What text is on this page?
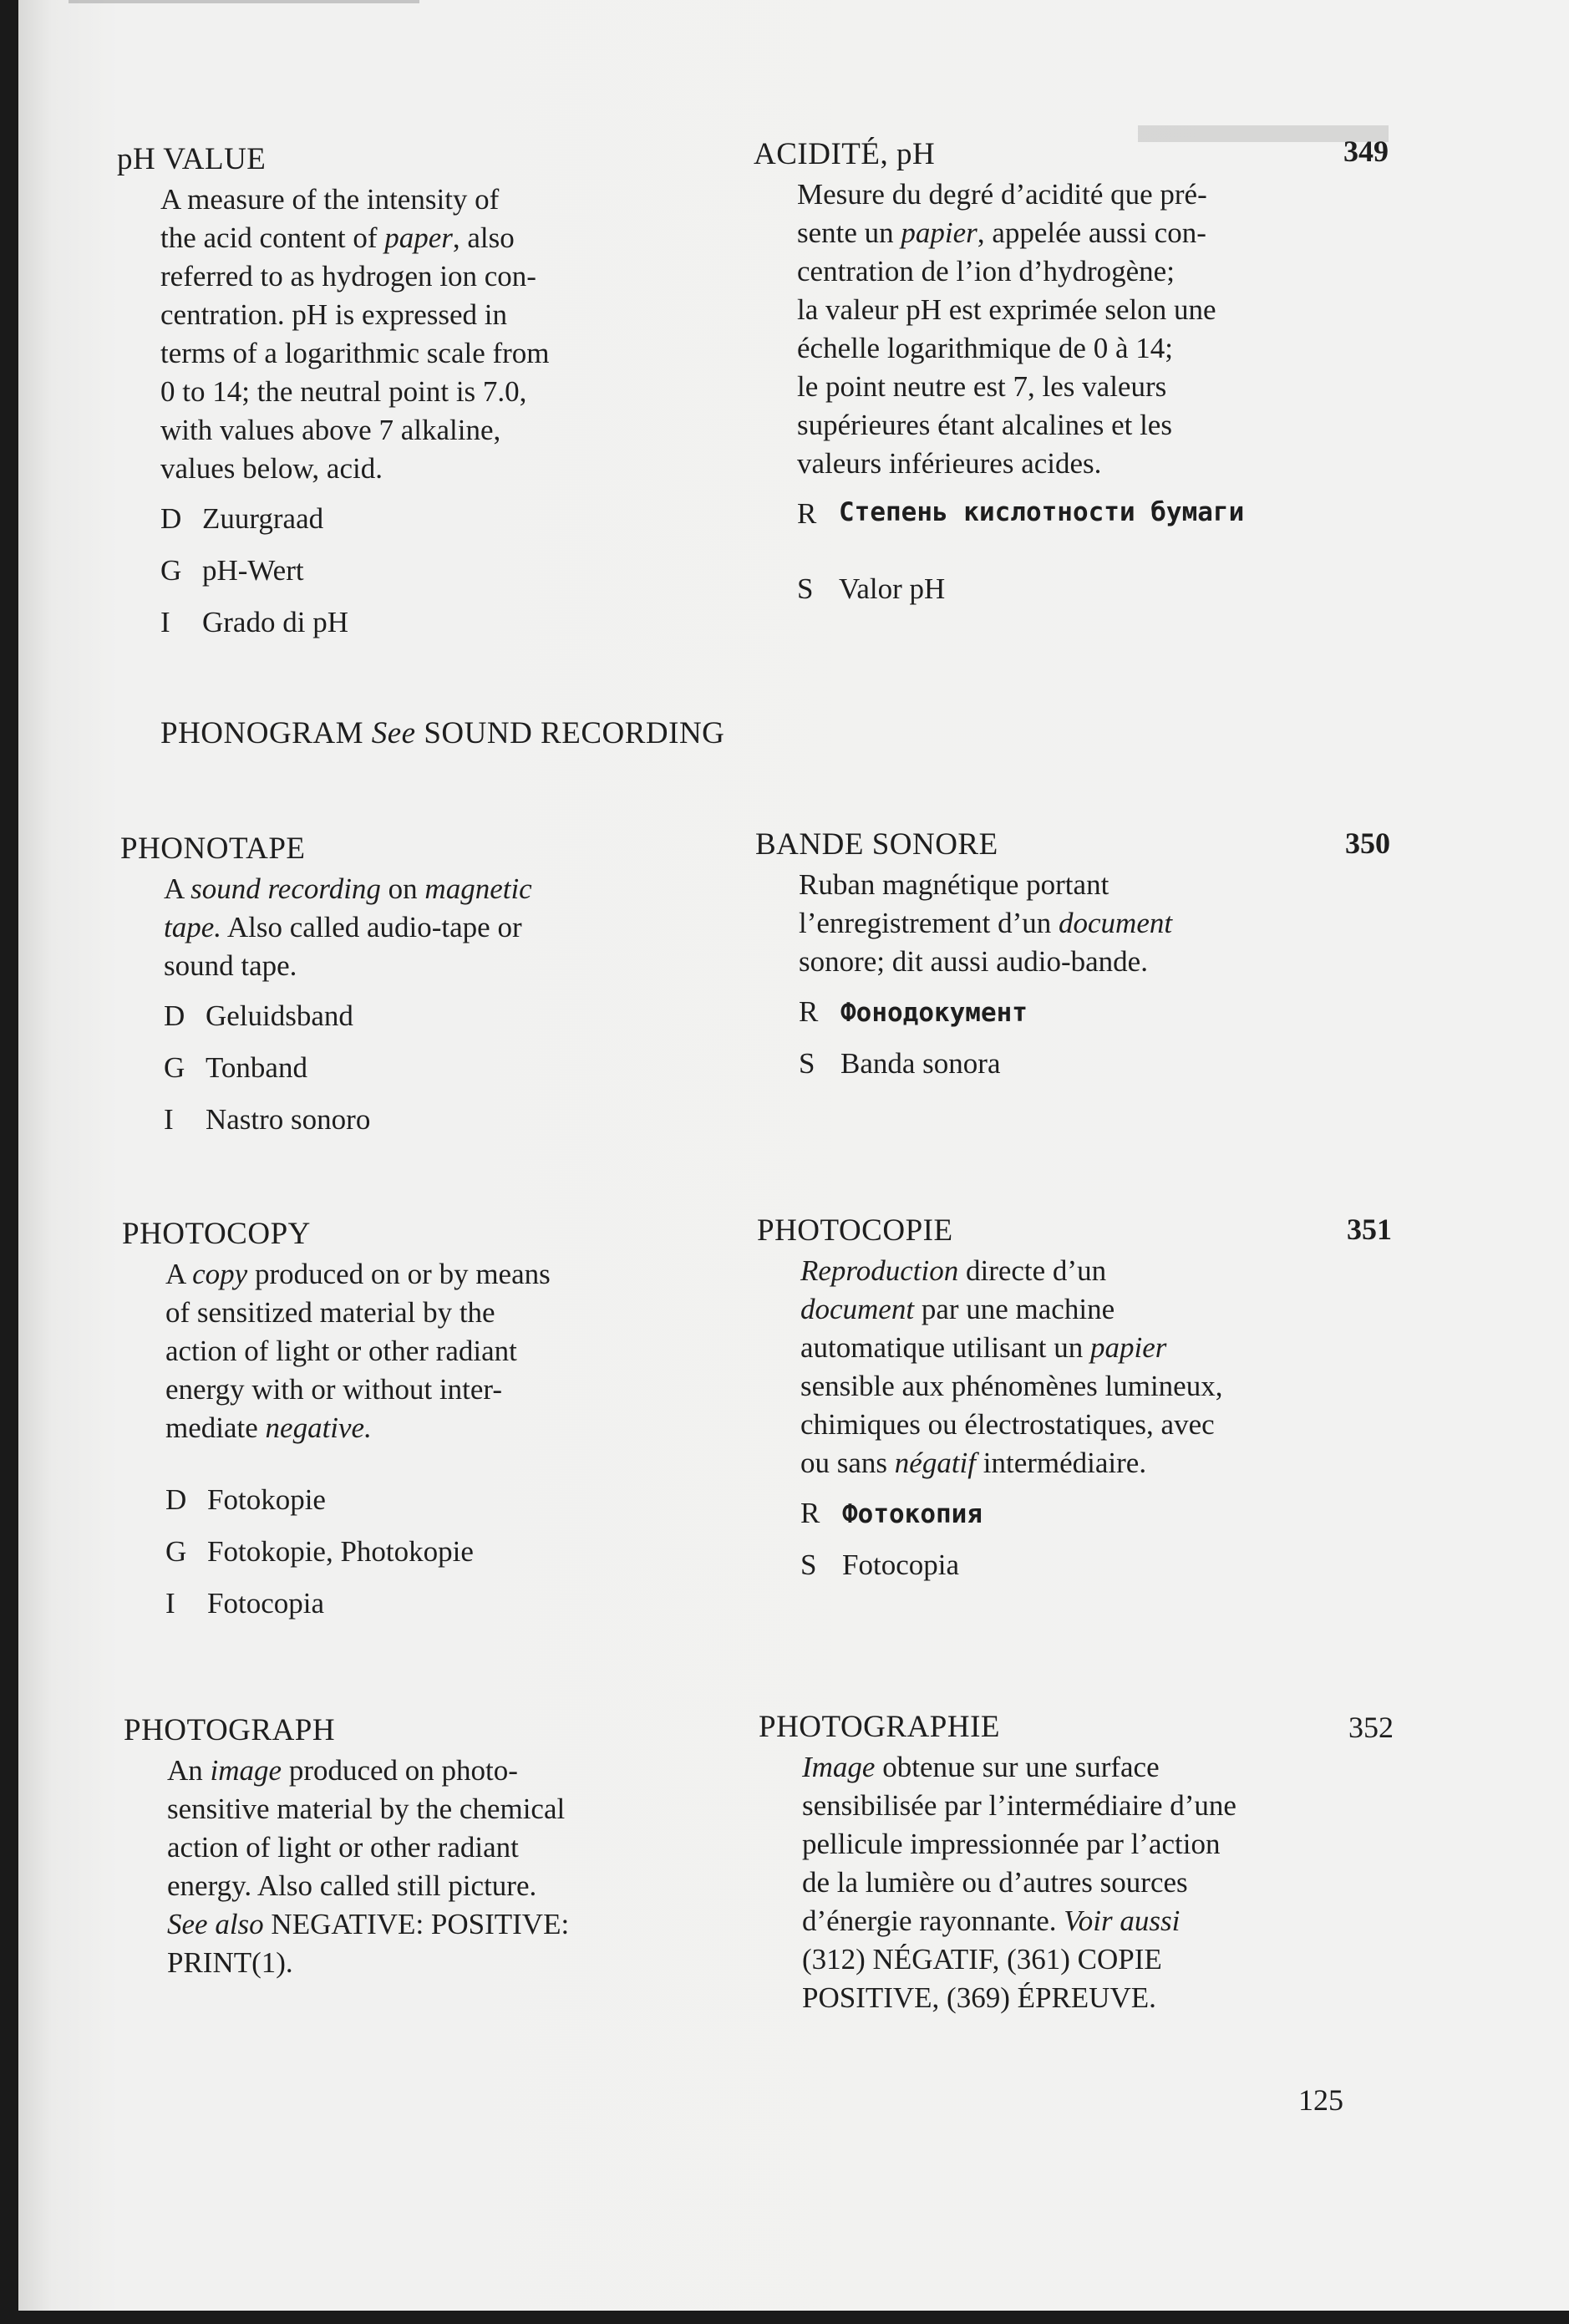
pH VALUE

A measure of the intensity of

the acid content of paper, also

referred to as hydrogen ion con-

centration. pH is expressed in

terms of a logarithmic scale from

0 to 14; the neutral point is 7.0,

with values above 7 alkaline,

values below, acid.

D Zuurgraad
G pH-Wert
I Grado di pH
PHONOGRAM See SOUND RECORDING
PHONOTAPE

A sound recording on magnetic

tape. Also called audio-tape or

sound tape.

D Geluidsband
G Tonband
I Nastro sonoro
PHOTOCOPY

A copy produced on or by means

of sensitized material by the

action of light or other radiant

energy with or without inter-

mediate negative.

D Fotokopie
G Fotokopie, Photokopie
I Fotocopia
PHOTOGRAPH

An image produced on photo-

sensitive material by the chemical

action of light or other radiant

energy. Also called still picture.

See also NEGATIVE: POSITIVE:

PRINT(1).

ACIDITÉ, pH

Mesure du degré d’acidité que pré-

sente un papier, appelée aussi con-

centration de l’ion d’hydrogène;

la valeur pH est exprimée selon une

échelle logarithmique de 0 à 14;

le point neutre est 7, les valeurs

supérieures étant alcalines et les

valeurs inférieures acides.

R Степень кислотности бумаги
S Valor pH
349
BANDE SONORE

Ruban magnétique portant

l’enregistrement d’un document

sonore; dit aussi audio-bande.

R Фонодокумент
S Banda sonora
350
PHOTOCOPIE

Reproduction directe d’un

document par une machine

automatique utilisant un papier

sensible aux phénomènes lumineux,

chimiques ou électrostatiques, avec

ou sans négatif intermédiaire.

R Фотокопия
S Fotocopia
351
PHOTOGRAPHIE

Image obtenue sur une surface

sensibilisée par l’intermédiaire d’une

pellicule impressionnée par l’action

de la lumière ou d’autres sources

d’énergie rayonnante. Voir aussi

(312) NÉGATIF, (361) COPIE

POSITIVE, (369) ÉPREUVE.

352
125
